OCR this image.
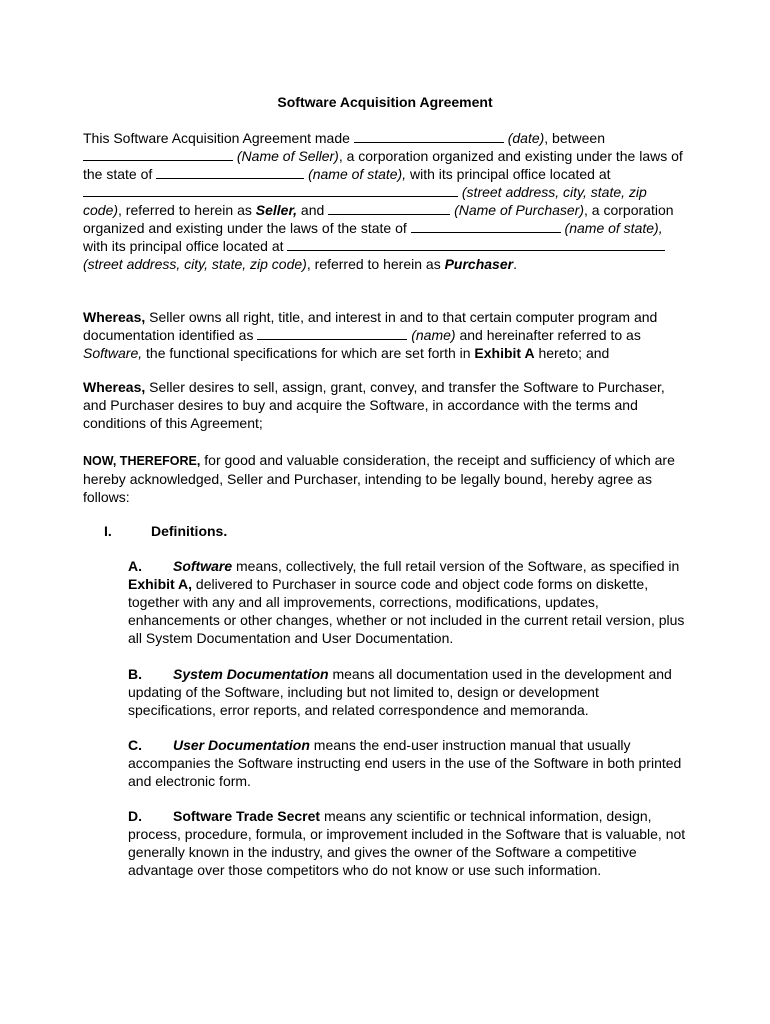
Software Acquisition Agreement

This Software Acquisition Agreement made	(date), between  (Name of Seller), a corporation organized and existing under the laws of the state of	(name of state), with its principal office located at  (street address, city, state, zip code), referred to herein as Seller, and	(Name of Purchaser), a corporation organized and existing under the laws of the state of	(name of state), with its principal office located at  (street address, city, state, zip code), referred to herein as Purchaser.

Whereas, Seller owns all right, title, and interest in and to that certain computer program and documentation identified as	(name) and hereinafter referred to as Software, the functional specifications for which are set forth in Exhibit A hereto; and

Whereas, Seller desires to sell, assign, grant, convey, and transfer the Software to Purchaser, and Purchaser desires to buy and acquire the Software, in accordance with the terms and conditions of this Agreement;

NOW, THEREFORE, for good and valuable consideration, the receipt and sufficiency of which are hereby acknowledged, Seller and Purchaser, intending to be legally bound, hereby agree as follows:

I.	Definitions.

A. Software means, collectively, the full retail version of the Software, as specified in Exhibit A, delivered to Purchaser in source code and object code forms on diskette, together with any and all improvements, corrections, modifications, updates, enhancements or other changes, whether or not included in the current retail version, plus all System Documentation and User Documentation.

B. System Documentation means all documentation used in the development and updating of the Software, including but not limited to, design or development specifications, error reports, and related correspondence and memoranda.

C. User Documentation means the end-user instruction manual that usually accompanies the Software instructing end users in the use of the Software in both printed and electronic form.

D. Software Trade Secret means any scientific or technical information, design, process, procedure, formula, or improvement included in the Software that is valuable, not generally known in the industry, and gives the owner of the Software a competitive advantage over those competitors who do not know or use such information.
